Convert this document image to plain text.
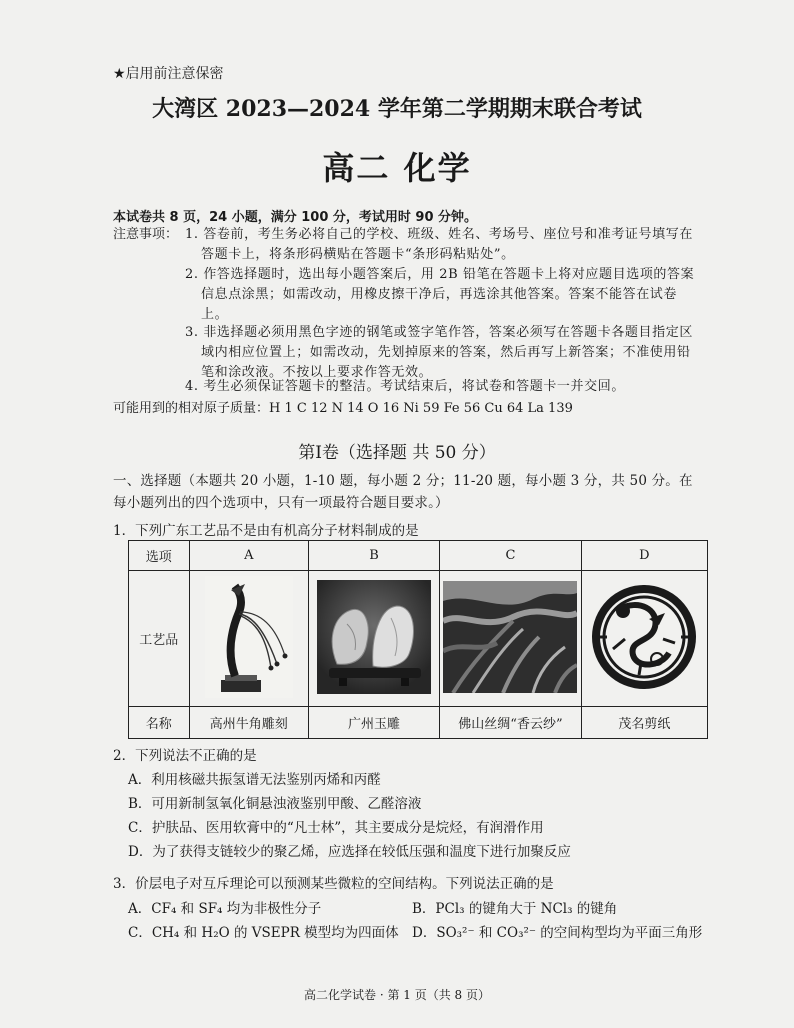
★启用前注意保密
大湾区 2023—2024 学年第二学期期末联合考试
高二 化学
本试卷共 8 页，24 小题，满分 100 分，考试用时 90 分钟。
注意事项： 1. 答卷前，考生务必将自己的学校、班级、姓名、考场号、座位号和准考证号填写在答题卡上，将条形码横贴在答题卡“条形码粘贴处”。
2. 作答选择题时，选出每小题答案后，用 2B 铅笔在答题卡上将对应题目选项的答案信息点涂黑；如需改动，用橡皮擦干净后，再选涂其他答案。答案不能答在试卷上。
3. 非选择题必须用黑色字迹的钢笔或签字笔作答，答案必须写在答题卡各题目指定区域内相应位置上；如需改动，先划掉原来的答案，然后再写上新答案；不准使用铅笔和涂改液。不按以上要求作答无效。
4. 考生必须保证答题卡的整洁。考试结束后，将试卷和答题卡一并交回。
可能用到的相对原子质量：H 1 C 12 N 14 O 16 Ni 59 Fe 56 Cu 64 La 139
第Ⅰ卷（选择题 共 50 分）
一、选择题（本题共 20 小题，1-10 题，每小题 2 分；11-20 题，每小题 3 分，共 50 分。在每小题列出的四个选项中，只有一项最符合题目要求。）
1．下列广东工艺品不是由有机高分子材料制成的是
选项	A	B	C	D
工艺品				
名称	高州牛角雕刻	广州玉雕	佛山丝绸“香云纱”	茂名剪纸
2．下列说法不正确的是
A．利用核磁共振氢谱无法鉴别丙烯和丙醛
B．可用新制氢氧化铜悬浊液鉴别甲酸、乙醛溶液
C．护肤品、医用软膏中的“凡士林”，其主要成分是烷烃，有润滑作用
D．为了获得支链较少的聚乙烯，应选择在较低压强和温度下进行加聚反应
3．价层电子对互斥理论可以预测某些微粒的空间结构。下列说法正确的是
A．CF₄ 和 SF₄ 均为非极性分子	B．PCl₃ 的键角大于 NCl₃ 的键角
C．CH₄ 和 H₂O 的 VSEPR 模型均为四面体 D．SO₃²⁻ 和 CO₃²⁻ 的空间构型均为平面三角形
高二化学试卷 · 第 1 页（共 8 页）
